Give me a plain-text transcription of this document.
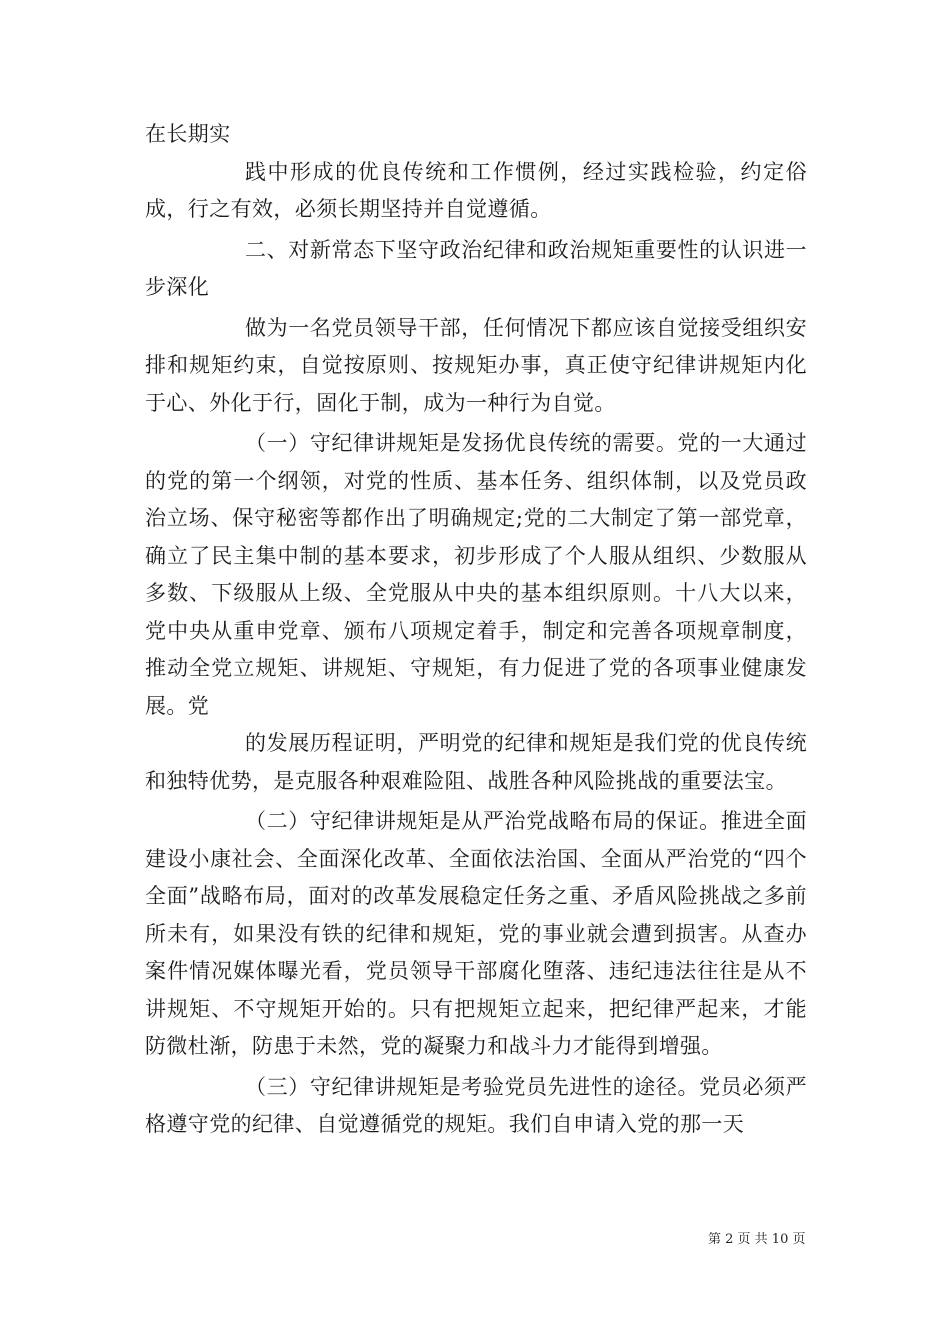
在长期实

践中形成的优良传统和工作惯例，经过实践检验，约定俗成，行之有效，必须长期坚持并自觉遵循。

二、对新常态下坚守政治纪律和政治规矩重要性的认识进一步深化

做为一名党员领导干部，任何情况下都应该自觉接受组织安排和规矩约束，自觉按原则、按规矩办事，真正使守纪律讲规矩内化于心、外化于行，固化于制，成为一种行为自觉。

（一）守纪律讲规矩是发扬优良传统的需要。党的一大通过的党的第一个纲领，对党的性质、基本任务、组织体制，以及党员政治立场、保守秘密等都作出了明确规定;党的二大制定了第一部党章，确立了民主集中制的基本要求，初步形成了个人服从组织、少数服从多数、下级服从上级、全党服从中央的基本组织原则。十八大以来，党中央从重申党章、颁布八项规定着手，制定和完善各项规章制度，推动全党立规矩、讲规矩、守规矩，有力促进了党的各项事业健康发展。党

的发展历程证明，严明党的纪律和规矩是我们党的优良传统和独特优势，是克服各种艰难险阻、战胜各种风险挑战的重要法宝。

（二）守纪律讲规矩是从严治党战略布局的保证。推进全面建设小康社会、全面深化改革、全面依法治国、全面从严治党的“四个全面”战略布局，面对的改革发展稳定任务之重、矛盾风险挑战之多前所未有，如果没有铁的纪律和规矩，党的事业就会遭到损害。从查办案件情况媒体曝光看，党员领导干部腐化堕落、违纪违法往往是从不讲规矩、不守规矩开始的。只有把规矩立起来，把纪律严起来，才能防微杜渐，防患于未然，党的凝聚力和战斗力才能得到增强。

（三）守纪律讲规矩是考验党员先进性的途径。党员必须严格遵守党的纪律、自觉遵循党的规矩。我们自申请入党的那一天

第 2 页 共 10 页
